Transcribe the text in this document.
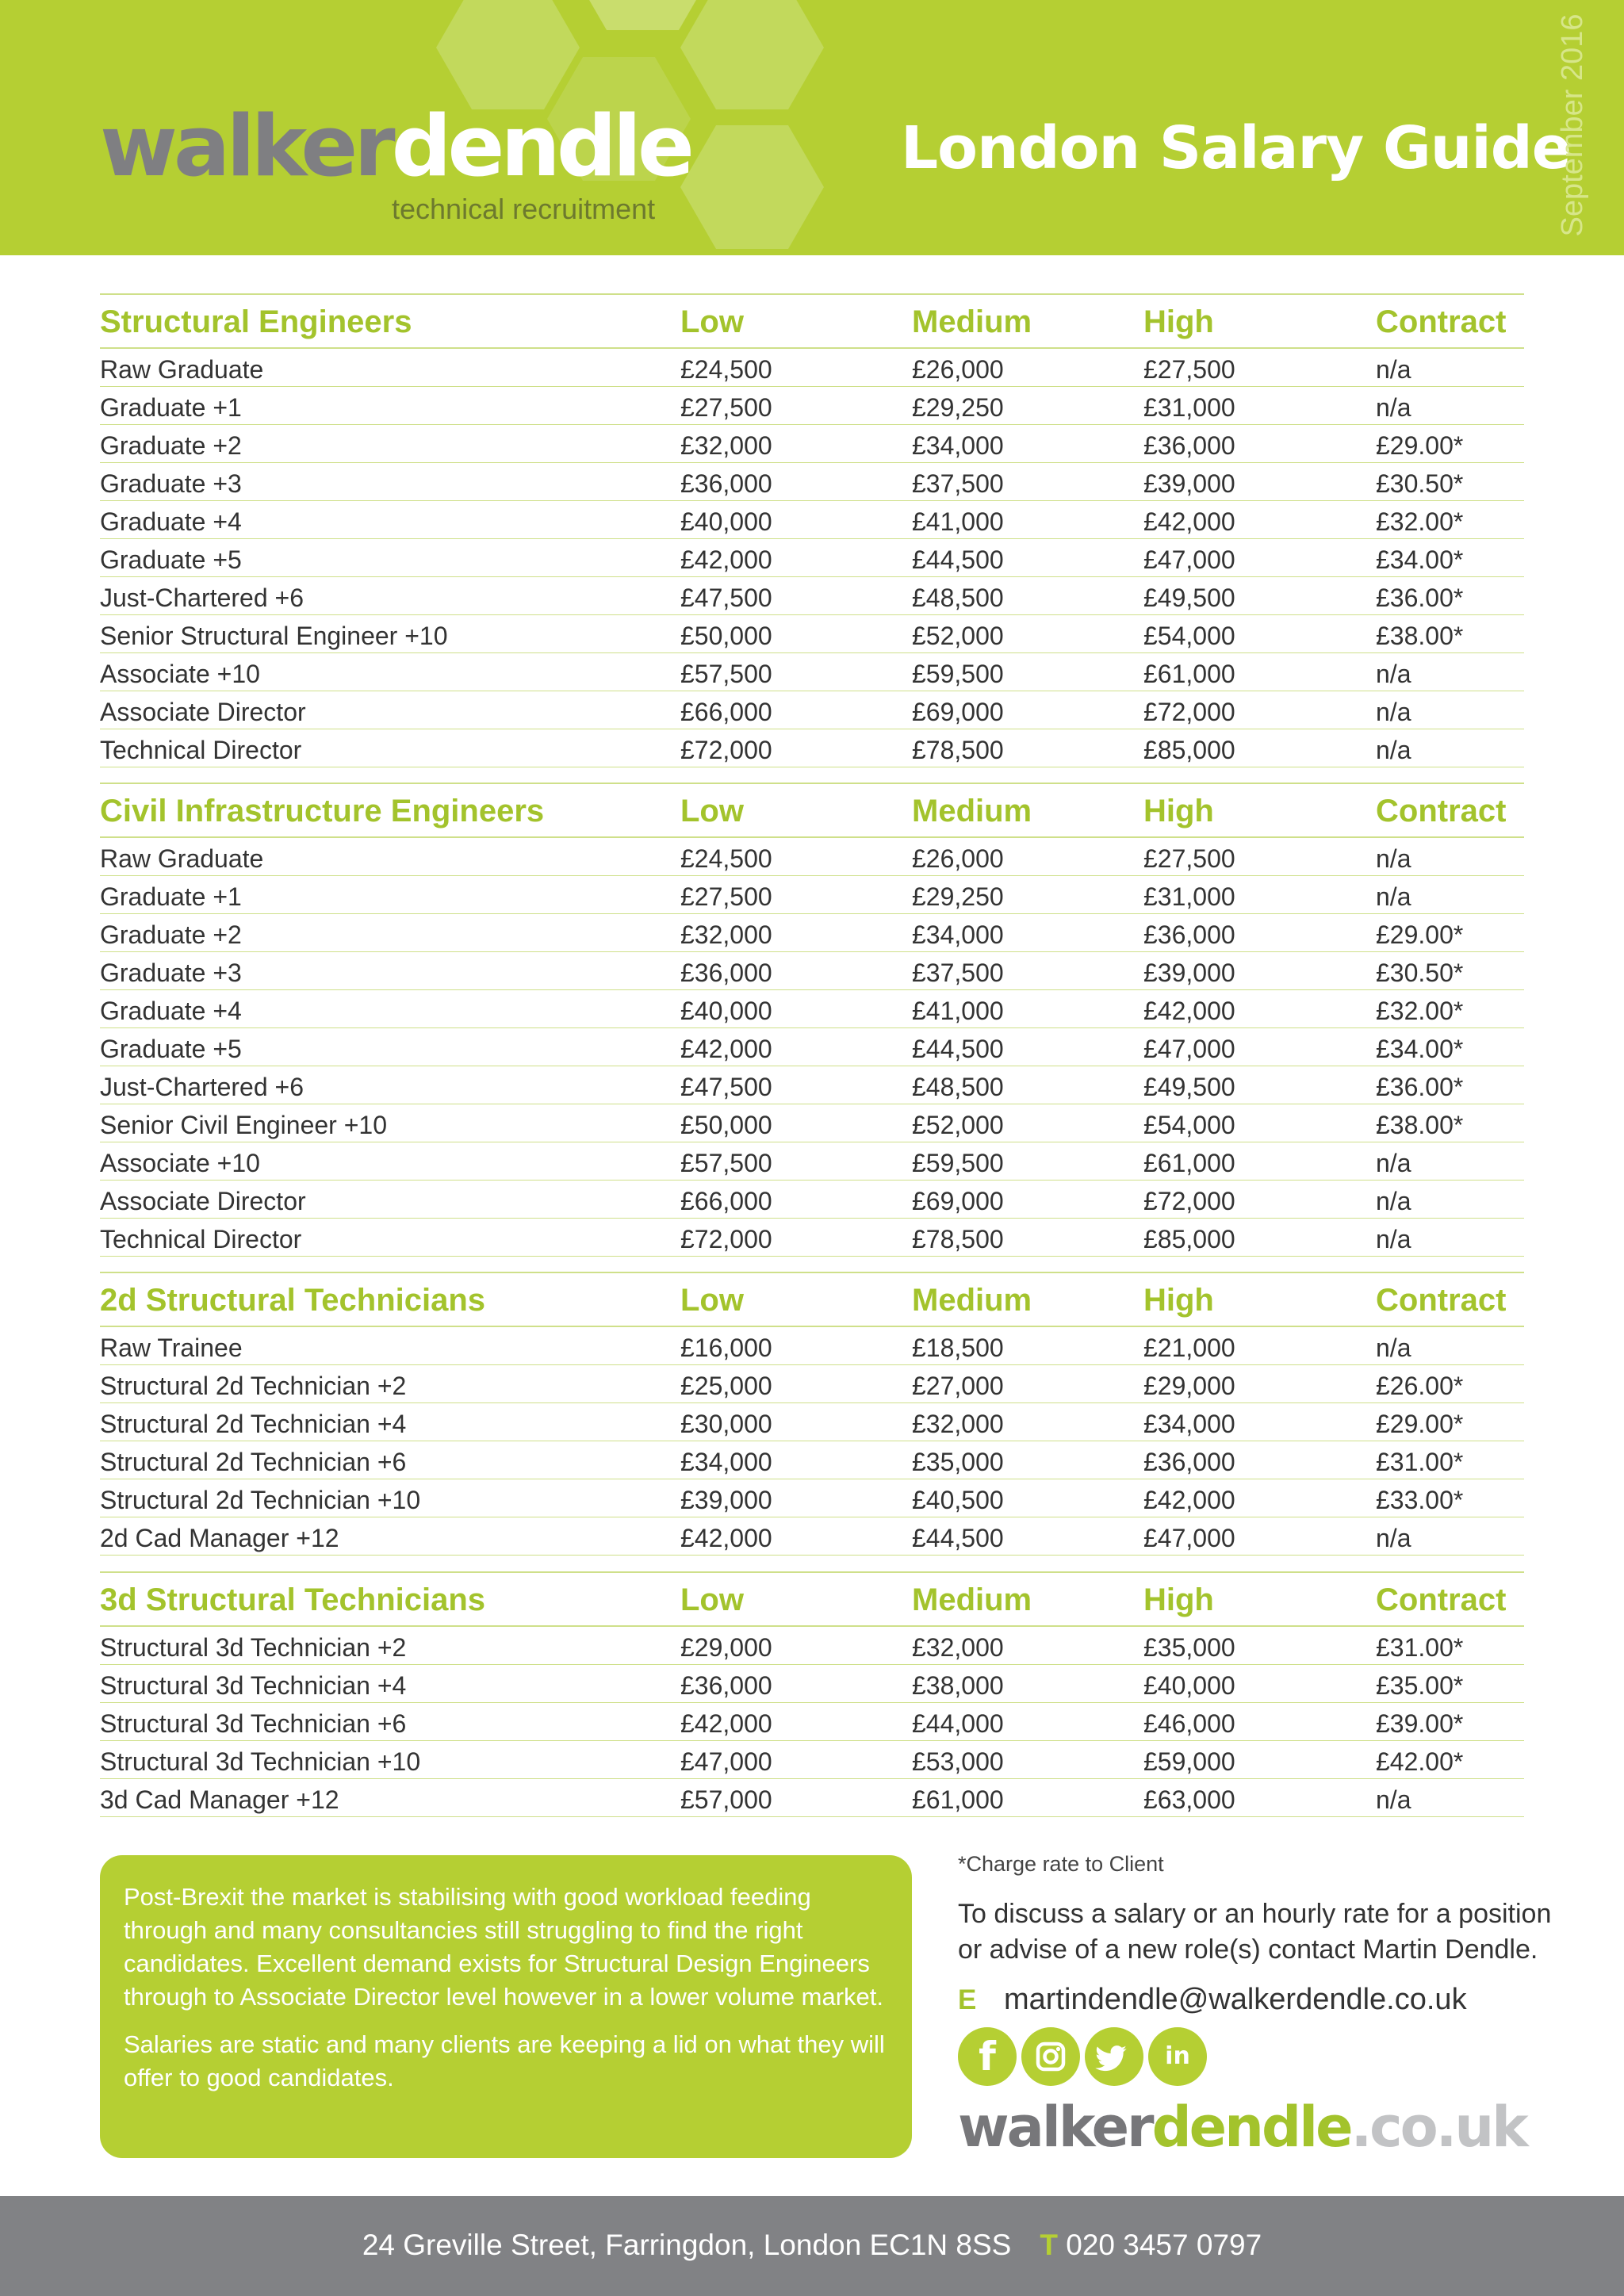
walkerdendle
technical recruitment
London Salary Guide
September 2016
Structural Engineers	Low	Medium	High	Contract
Raw Graduate	£24,500	£26,000	£27,500	n/a
Graduate +1	£27,500	£29,250	£31,000	n/a
Graduate +2	£32,000	£34,000	£36,000	£29.00*
Graduate +3	£36,000	£37,500	£39,000	£30.50*
Graduate +4	£40,000	£41,000	£42,000	£32.00*
Graduate +5	£42,000	£44,500	£47,000	£34.00*
Just-Chartered +6	£47,500	£48,500	£49,500	£36.00*
Senior Structural Engineer +10	£50,000	£52,000	£54,000	£38.00*
Associate +10	£57,500	£59,500	£61,000	n/a
Associate Director	£66,000	£69,000	£72,000	n/a
Technical Director	£72,000	£78,500	£85,000	n/a
Civil Infrastructure Engineers	Low	Medium	High	Contract
Raw Graduate	£24,500	£26,000	£27,500	n/a
Graduate +1	£27,500	£29,250	£31,000	n/a
Graduate +2	£32,000	£34,000	£36,000	£29.00*
Graduate +3	£36,000	£37,500	£39,000	£30.50*
Graduate +4	£40,000	£41,000	£42,000	£32.00*
Graduate +5	£42,000	£44,500	£47,000	£34.00*
Just-Chartered +6	£47,500	£48,500	£49,500	£36.00*
Senior Civil Engineer +10	£50,000	£52,000	£54,000	£38.00*
Associate +10	£57,500	£59,500	£61,000	n/a
Associate Director	£66,000	£69,000	£72,000	n/a
Technical Director	£72,000	£78,500	£85,000	n/a
2d Structural Technicians	Low	Medium	High	Contract
Raw Trainee	£16,000	£18,500	£21,000	n/a
Structural 2d Technician +2	£25,000	£27,000	£29,000	£26.00*
Structural 2d Technician +4	£30,000	£32,000	£34,000	£29.00*
Structural 2d Technician +6	£34,000	£35,000	£36,000	£31.00*
Structural 2d Technician +10	£39,000	£40,500	£42,000	£33.00*
2d Cad Manager +12	£42,000	£44,500	£47,000	n/a
3d Structural Technicians	Low	Medium	High	Contract
Structural 3d Technician +2	£29,000	£32,000	£35,000	£31.00*
Structural 3d Technician +4	£36,000	£38,000	£40,000	£35.00*
Structural 3d Technician +6	£42,000	£44,000	£46,000	£39.00*
Structural 3d Technician +10	£47,000	£53,000	£59,000	£42.00*
3d Cad Manager +12	£57,000	£61,000	£63,000	n/a

Post-Brexit the market is stabilising with good workload feeding through and many consultancies still struggling to find the right candidates. Excellent demand exists for Structural Design Engineers through to Associate Director level however in a lower volume market.

Salaries are static and many clients are keeping a lid on what they will offer to good candidates.

*Charge rate to Client
To discuss a salary or an hourly rate for a position or advise of a new role(s) contact Martin Dendle.
E martindendle@walkerdendle.co.uk
f	in
walkerdendle.co.uk
24 Greville Street, Farringdon, London EC1N 8SS T 020 3457 0797
